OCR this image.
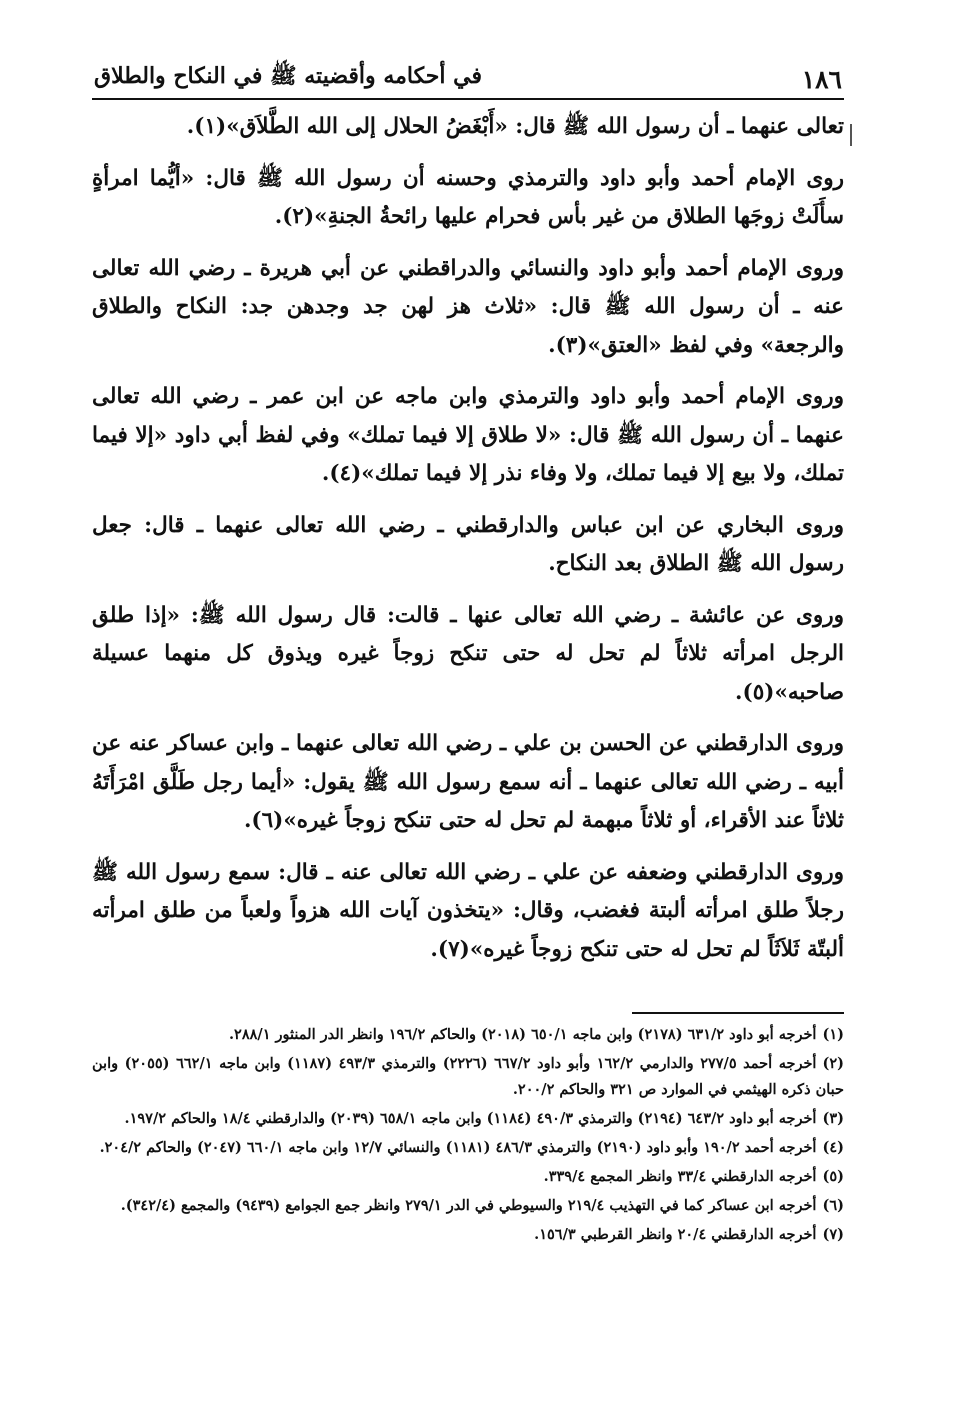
١٨٦
في أحكامه وأقضيته ﷺ في النكاح والطلاق

تعالى عنهما ـ أن رسول الله ﷺ قال: «أَبْغَضُ الحلال إلى الله الطَّلاَق»(١).

روى الإمام أحمد وأبو داود والترمذي وحسنه أن رسول الله ﷺ قال: «أيُّما امرأةٍ سأَلَتْ زوجَها الطلاق من غير بأس فحرام عليها رائحةُ الجنةِ»(٢).

وروى الإمام أحمد وأبو داود والنسائي والدراقطني عن أبي هريرة ـ رضي الله تعالى عنه ـ أن رسول الله ﷺ قال: «ثلاث هز لهن جد وجدهن جد: النكاح والطلاق والرجعة» وفي لفظ «العتق»(٣).

وروى الإمام أحمد وأبو داود والترمذي وابن ماجه عن ابن عمر ـ رضي الله تعالى عنهما ـ أن رسول الله ﷺ قال: «لا طلاق إلا فيما تملك» وفي لفظ أبي داود «إلا فيما تملك، ولا بيع إلا فيما تملك، ولا وفاء نذر إلا فيما تملك»(٤).

وروى البخاري عن ابن عباس والدارقطني ـ رضي الله تعالى عنهما ـ قال: جعل رسول الله ﷺ الطلاق بعد النكاح.

وروى عن عائشة ـ رضي الله تعالى عنها ـ قالت: قال رسول الله ﷺ: «إذا طلق الرجل امرأته ثلاثاً لم تحل له حتى تنكح زوجاً غيره ويذوق كل منهما عسيلة صاحبه»(٥).

وروى الدارقطني عن الحسن بن علي ـ رضي الله تعالى عنهما ـ وابن عساكر عنه عن أبيه ـ رضي الله تعالى عنهما ـ أنه سمع رسول الله ﷺ يقول: «أيما رجل طَلَّق امْرَأَتَهُ ثلاثاً عند الأقراء، أو ثلاثاً مبهمة لم تحل له حتى تنكح زوجاً غيره»(٦).

وروى الدارقطني وضعفه عن علي ـ رضي الله تعالى عنه ـ قال: سمع رسول الله ﷺ رجلاً طلق امرأته ألبتة فغضب، وقال: «يتخذون آيات الله هزواً ولعباً من طلق امرأته ألبتّة ثَلاَثَاً لم تحل له حتى تنكح زوجاً غيره»(٧).

(١)أخرجه أبو داود ٦٣١/٢ (٢١٧٨) وابن ماجه ٦٥٠/١ (٢٠١٨) والحاكم ١٩٦/٢ وانظر الدر المنثور ٢٨٨/١.

(٢)أخرجه أحمد ٢٧٧/٥ والدارمي ١٦٢/٢ وأبو داود ٦٦٧/٢ (٢٢٢٦) والترمذي ٤٩٣/٣ (١١٨٧) وابن ماجه ٦٦٢/١ (٢٠٥٥) وابن حبان ذكره الهيثمي في الموارد ص ٣٢١ والحاكم ٢٠٠/٢.

(٣)أخرجه أبو داود ٦٤٣/٢ (٢١٩٤) والترمذي ٤٩٠/٣ (١١٨٤) وابن ماجه ٦٥٨/١ (٢٠٣٩) والدارقطني ١٨/٤ والحاكم ١٩٧/٢.

(٤)أخرجه أحمد ١٩٠/٢ وأبو داود (٢١٩٠) والترمذي ٤٨٦/٣ (١١٨١) والنسائي ١٢/٧ وابن ماجه ٦٦٠/١ (٢٠٤٧) والحاكم ٢٠٤/٢.

(٥)أخرجه الدارقطني ٣٣/٤ وانظر المجمع ٣٣٩/٤.

(٦)أخرجه ابن عساكر كما في التهذيب ٢١٩/٤ والسيوطي في الدر ٢٧٩/١ وانظر جمع الجوامع (٩٤٣٩) والمجمع (٣٤٢/٤).

(٧)أخرجه الدارقطني ٢٠/٤ وانظر القرطبي ١٥٦/٣.
